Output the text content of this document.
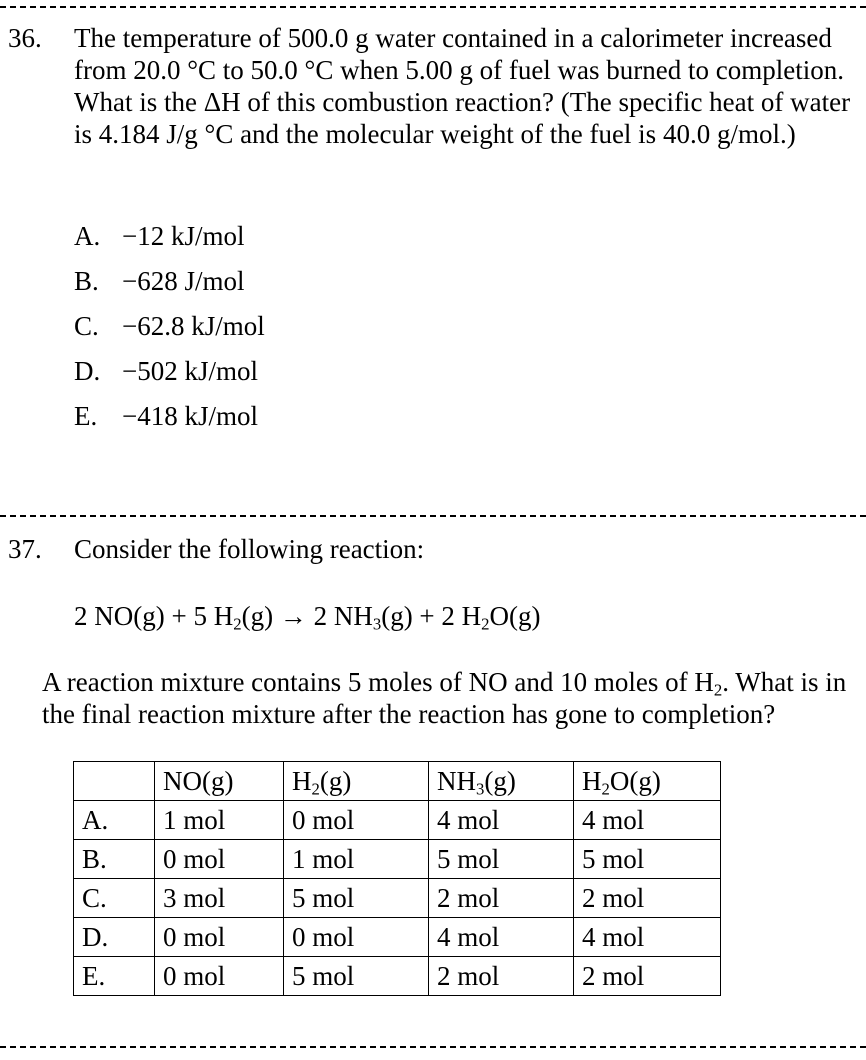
36. The temperature of 500.0 g water contained in a calorimeter increased from 20.0 °C to 50.0 °C when 5.00 g of fuel was burned to completion. What is the ΔH of this combustion reaction? (The specific heat of water is 4.184 J/g °C and the molecular weight of the fuel is 40.0 g/mol.)
A. −12 kJ/mol
B. −628 J/mol
C. −62.8 kJ/mol
D. −502 kJ/mol
E. −418 kJ/mol
37. Consider the following reaction:
2 NO(g) + 5 $H_2(g) \to 2$ $NH_3(g) + 2$ $H_2O(g)$
A reaction mixture contains 5 moles of NO and 10 moles of $H_2$. What is in the final reaction mixture after the reaction has gone to completion?
	NO(g)	$H_2(g)$	$NH_3(g)$	$H_2O(g)$
A.	1 mol	0 mol	4 mol	4 mol
B.	0 mol	1 mol	5 mol	5 mol
C.	3 mol	5 mol	2 mol	2 mol
D.	0 mol	0 mol	4 mol	4 mol
E.	0 mol	5 mol	2 mol	2 mol
